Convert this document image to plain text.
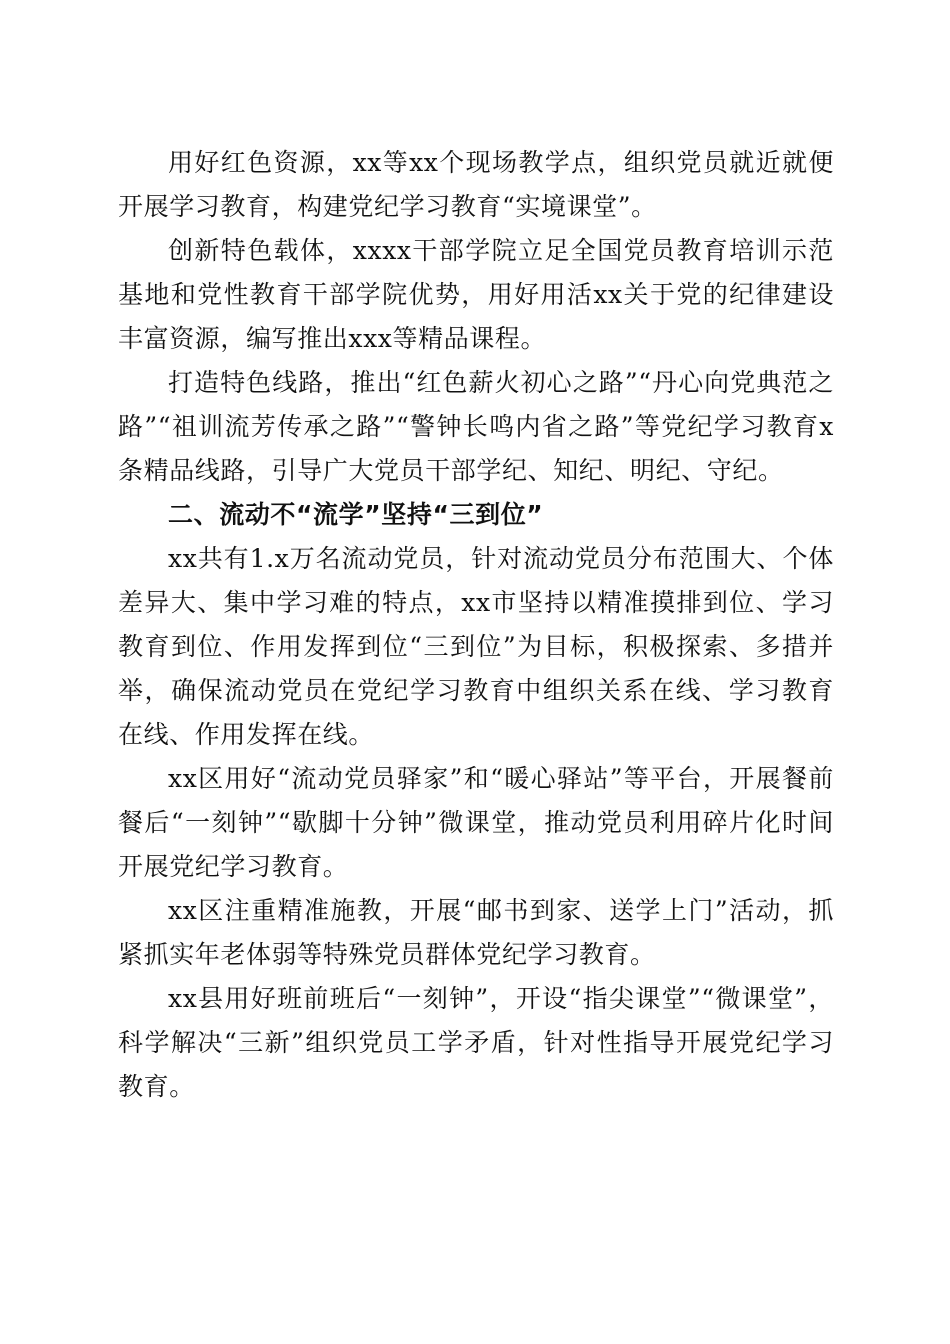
用好红色资源，xx等xx个现场教学点，组织党员就近就便开展学习教育，构建党纪学习教育“实境课堂”。

创新特色载体，xxxx干部学院立足全国党员教育培训示范基地和党性教育干部学院优势，用好用活xx关于党的纪律建设丰富资源，编写推出xxx等精品课程。

打造特色线路，推出“红色薪火初心之路”“丹心向党典范之路”“祖训流芳传承之路”“警钟长鸣内省之路”等党纪学习教育x条精品线路，引导广大党员干部学纪、知纪、明纪、守纪。

二、流动不“流学”坚持“三到位”

xx共有1.x万名流动党员，针对流动党员分布范围大、个体差异大、集中学习难的特点，xx市坚持以精准摸排到位、学习教育到位、作用发挥到位“三到位”为目标，积极探索、多措并举，确保流动党员在党纪学习教育中组织关系在线、学习教育在线、作用发挥在线。

xx区用好“流动党员驿家”和“暖心驿站”等平台，开展餐前餐后“一刻钟”“歇脚十分钟”微课堂，推动党员利用碎片化时间开展党纪学习教育。

xx区注重精准施教，开展“邮书到家、送学上门”活动，抓紧抓实年老体弱等特殊党员群体党纪学习教育。

xx县用好班前班后“一刻钟”，开设“指尖课堂”“微课堂”，科学解决“三新”组织党员工学矛盾，针对性指导开展党纪学习教育。
